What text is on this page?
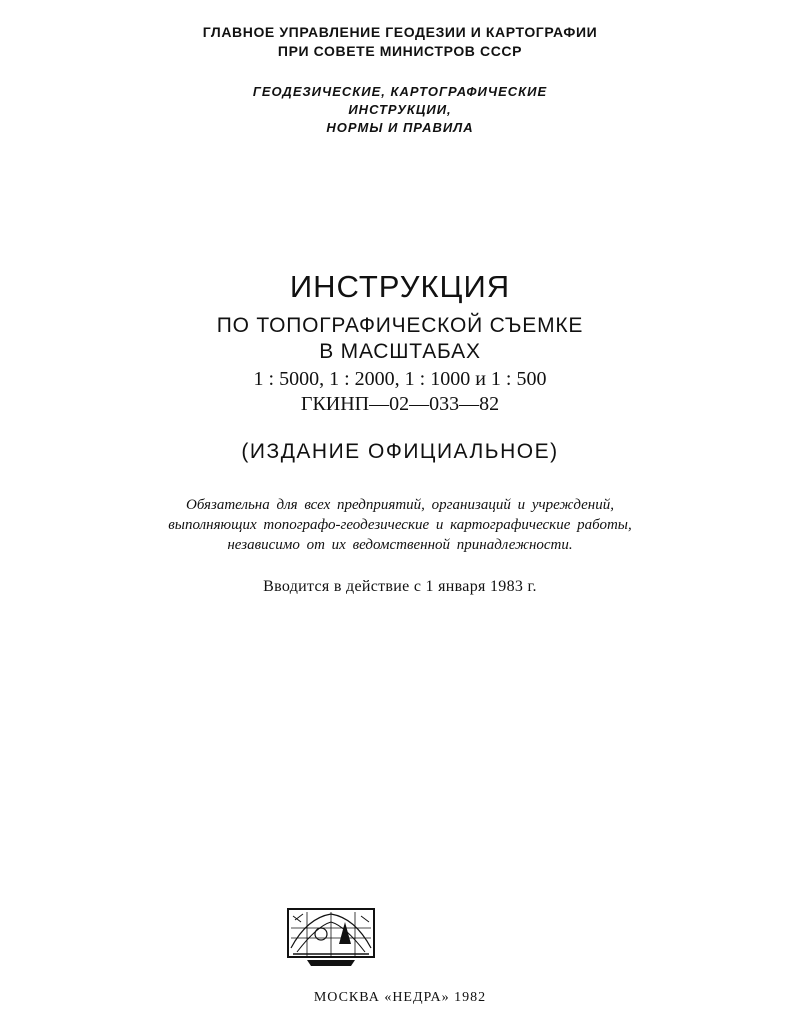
ГЛАВНОЕ УПРАВЛЕНИЕ ГЕОДЕЗИИ И КАРТОГРАФИИ
ПРИ СОВЕТЕ МИНИСТРОВ СССР
ГЕОДЕЗИЧЕСКИЕ, КАРТОГРАФИЧЕСКИЕ
ИНСТРУКЦИИ,
НОРМЫ И ПРАВИЛА
ИНСТРУКЦИЯ
ПО ТОПОГРАФИЧЕСКОЙ СЪЕМКЕ
В МАСШТАБАХ
1 : 5000, 1 : 2000, 1 : 1000 и 1 : 500
ГКИНП—02—033—82
(ИЗДАНИЕ ОФИЦИАЛЬНОЕ)
Обязательна для всех предприятий, организаций и учреждений,
выполняющих топографо-геодезические и картографические работы,
независимо от их ведомственной принадлежности.
Вводится в действие с 1 января 1983 г.
МОСКВА «НЕДРА» 1982
